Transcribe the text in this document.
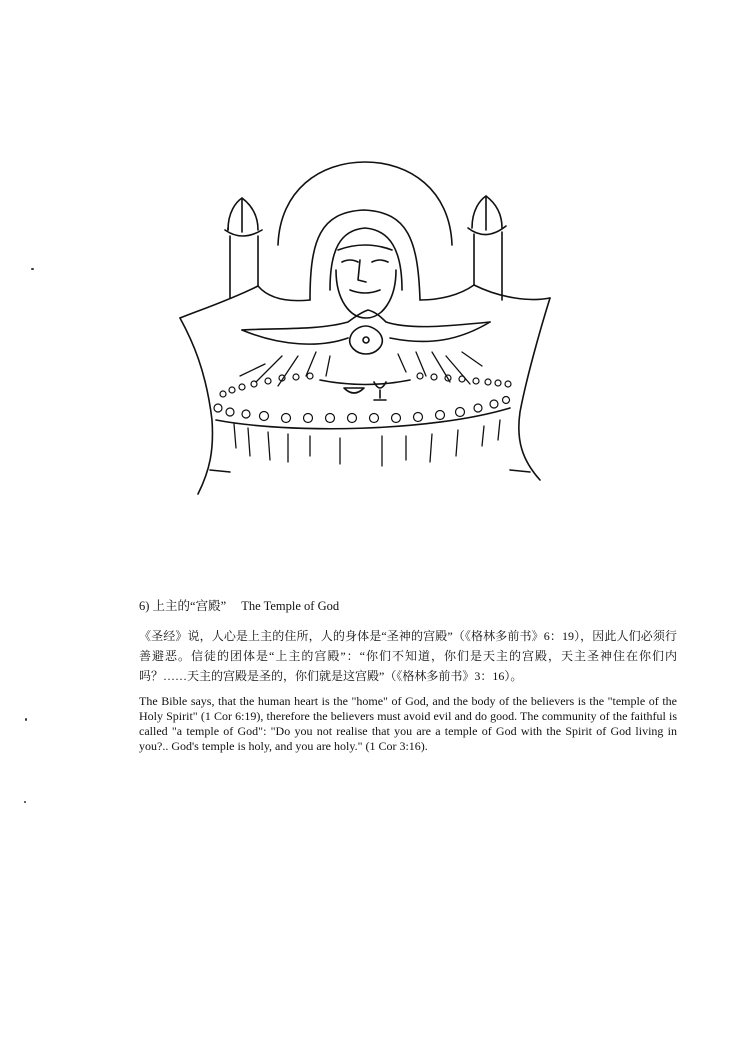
6) 上主的“宫殿” The Temple of God
《圣经》说，人心是上主的住所，人的身体是“圣神的宫殿”（《格林多前书》6：19），因此人们必须行善避恶。信徒的团体是“上主的宫殿”：“你们不知道，你们是天主的宫殿，天主圣神住在你们内吗？……天主的宫殿是圣的，你们就是这宫殿”（《格林多前书》3：16）。
The Bible says, that the human heart is the "home" of God, and the body of the believers is the "temple of the Holy Spirit" (1 Cor 6:19), therefore the believers must avoid evil and do good. The community of the faithful is called "a temple of God": "Do you not realise that you are a temple of God with the Spirit of God living in you?.. God's temple is holy, and you are holy." (1 Cor 3:16).
